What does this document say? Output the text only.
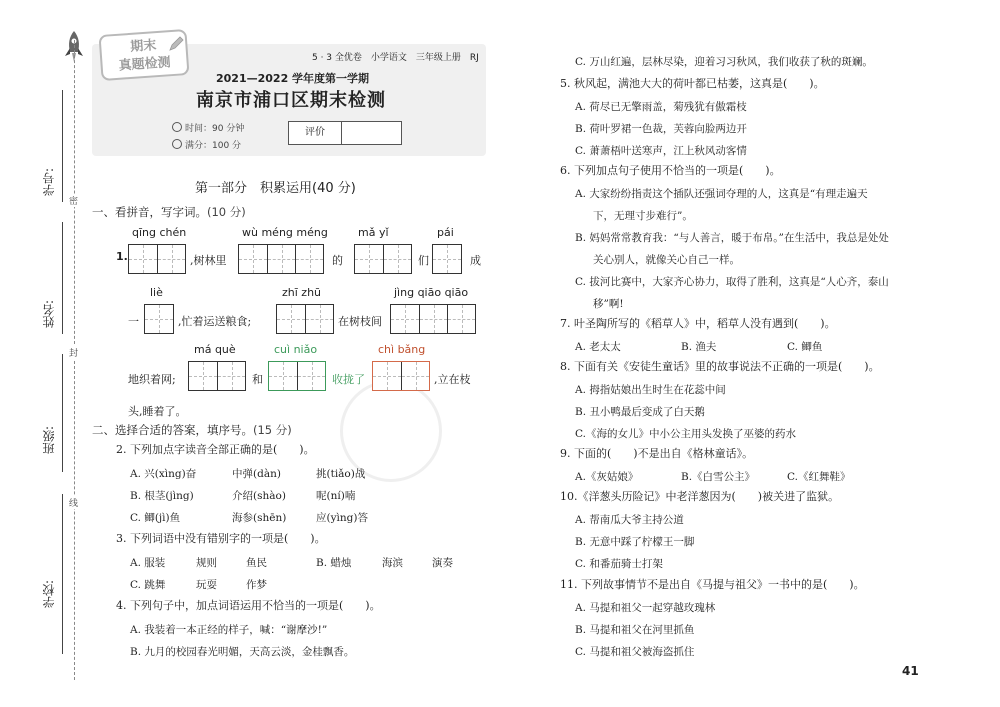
学号:
姓名:
班级:
学校:
密
封
线
期末
真题检测	5 · 3 全优卷　小学语文　三年级上册　RJ
2021—2022 学年度第一学期
南京市浦口区期末检测
时间：90 分钟
满分：100 分
评价
第一部分　积累运用(40 分)
一、看拼音，写字词。(10 分)
1.
qīng chén
,树林里
wù méng méng
的
mǎ yǐ
们
pái
成
一
liè
,忙着运送粮食;
zhī zhū
在树枝间
jìng qiāo qiāo
地织着网;
má què
和
cuì niǎo
收拢了
chì bǎng
,立在枝
头,睡着了。
二、选择合适的答案，填序号。(15 分)
2. 下列加点字读音全部正确的是(　　)。
A. 兴(xìng)奋	中弹(dàn)	挑(tiǎo)战
B. 根茎(jìng)	介绍(shào)	呢(ní)喃
C. 鲫(jì)鱼	海参(shēn)	应(yìng)答
3. 下列词语中没有错别字的一项是(　　)。
A. 服装	规则	鱼民	B. 蜡烛	海滨	演奏
C. 跳舞	玩耍	作梦
4. 下列句子中，加点词语运用不恰当的一项是(　　)。
A. 我装着一本正经的样子，喊：“谢摩沙!”
B. 九月的校园春光明媚，天高云淡，金桂飘香。
C. 万山红遍，层林尽染，迎着习习秋风，我们收获了秋的斑斓。
5. 秋风起，满池大大的荷叶都已枯萎，这真是(　　)。
A. 荷尽已无擎雨盖，菊残犹有傲霜枝
B. 荷叶罗裙一色裁，芙蓉向脸两边开
C. 萧萧梧叶送寒声，江上秋风动客情
6. 下列加点句子使用不恰当的一项是(　　)。
A. 大家纷纷指责这个插队还强词夺理的人，这真是“有理走遍天
下，无理寸步难行”。
B. 妈妈常常教育我：“与人善言，暖于布帛。”在生活中，我总是处处
关心别人，就像关心自己一样。
C. 拔河比赛中，大家齐心协力，取得了胜利，这真是“人心齐，泰山
移”啊!
7. 叶圣陶所写的《稻草人》中，稻草人没有遇到(　　)。
A. 老太太	B. 渔夫	C. 鲫鱼
8. 下面有关《安徒生童话》里的故事说法不正确的一项是(　　)。
A. 拇指姑娘出生时生在花蕊中间
B. 丑小鸭最后变成了白天鹅
C.《海的女儿》中小公主用头发换了巫婆的药水
9. 下面的(　　)不是出自《格林童话》。
A.《灰姑娘》	B.《白雪公主》	C.《红舞鞋》
10.《洋葱头历险记》中老洋葱因为(　　)被关进了监狱。
A. 帮南瓜大爷主持公道
B. 无意中踩了柠檬王一脚
C. 和番茄骑士打架
11. 下列故事情节不是出自《马提与祖父》一书中的是(　　)。
A. 马提和祖父一起穿越玫瑰林
B. 马提和祖父在河里抓鱼
C. 马提和祖父被海盗抓住
41
